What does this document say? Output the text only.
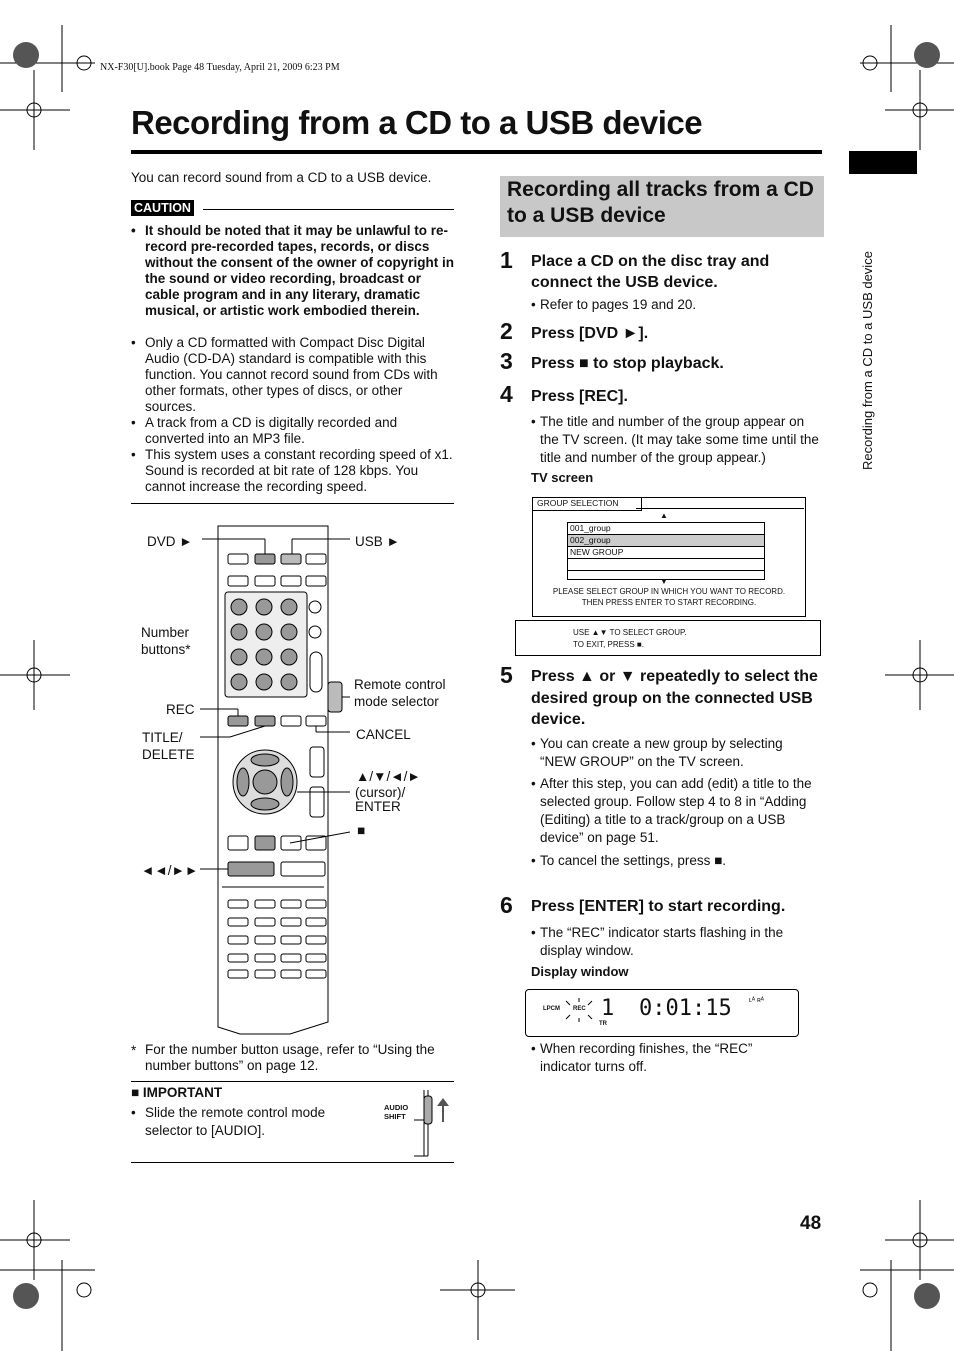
NX-F30[U].book Page 48 Tuesday, April 21, 2009 6:23 PM
Recording from a CD to a USB device
Recording from a CD to a USB device
You can record sound from a CD to a USB device.
CAUTION

• It should be noted that it may be unlawful to re-record pre-recorded tapes, records, or discs without the consent of the owner of copyright in the sound or video recording, broadcast or cable program and in any literary, dramatic musical, or artistic work embodied therein.

• Only a CD formatted with Compact Disc Digital Audio (CD-DA) standard is compatible with this function. You cannot record sound from CDs with other formats, other types of discs, or other sources.

• A track from a CD is digitally recorded and converted into an MP3 file.

• This system uses a constant recording speed of x1. Sound is recorded at bit rate of 128 kbps. You cannot increase the recording speed.

DVD ►	USB ►
Number buttons*
REC
TITLE/
DELETE
Remote control mode selector
CANCEL
▲/▼/◄/►
(cursor)/
ENTER
■
◄◄/►►
* For the number button usage, refer to “Using the number buttons” on page 12.
■ IMPORTANT
• Slide the remote control mode selector to [AUDIO].
AUDIO
SHIFT
Recording all tracks from a CD to a USB device
1 Place a CD on the disc tray and connect the USB device.
• Refer to pages 19 and 20.
2 Press [DVD ►].
3 Press ■ to stop playback.
4 Press [REC].
• The title and number of the group appear on the TV screen. (It may take some time until the title and number of the group appear.)
TV screen
GROUP SELECTION
▲
001_group
002_group
NEW GROUP
▼
PLEASE SELECT GROUP IN WHICH YOU WANT TO RECORD.
THEN PRESS ENTER TO START RECORDING.
USE ▲▼ TO SELECT GROUP.
TO EXIT, PRESS ■.
5 Press ▲ or ▼ repeatedly to select the desired group on the connected USB device.
• You can create a new group by selecting “NEW GROUP” on the TV screen.
• After this step, you can add (edit) a title to the selected group. Follow step 4 to 8 in “Adding (Editing) a title to a track/group on a USB device” on page 51.
• To cancel the settings, press ■.
6 Press [ENTER] to start recording.
• The “REC” indicator starts flashing in the display window.
Display window
LPCM REC 1
TR
0:01:15 ʟᴬ ʀᴬ
• When recording finishes, the “REC” indicator turns off.
48
